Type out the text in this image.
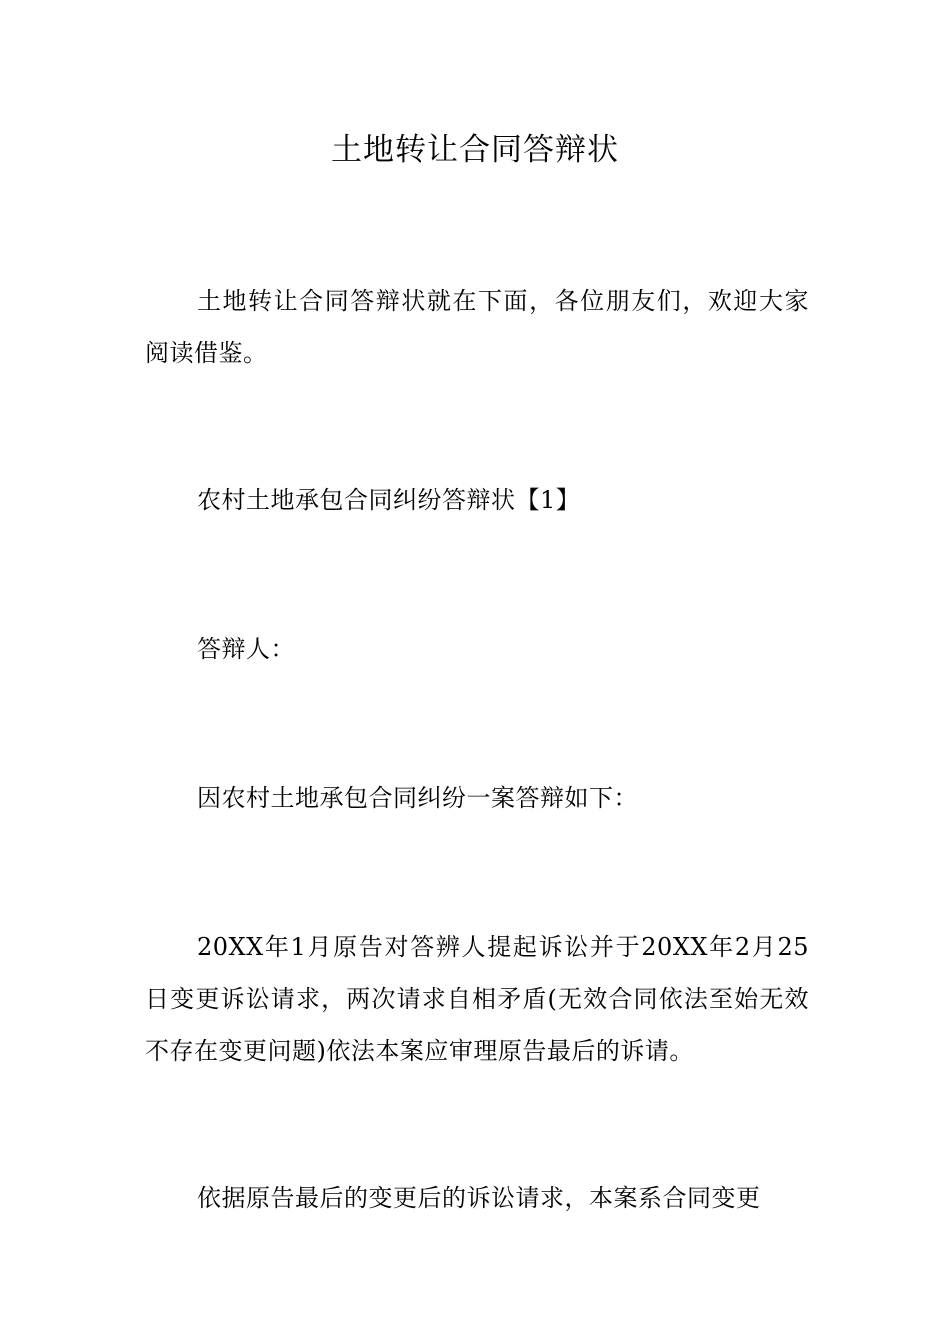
土地转让合同答辩状

土地转让合同答辩状就在下面，各位朋友们，欢迎大家阅读借鉴。

农村土地承包合同纠纷答辩状【1】

答辩人：

因农村土地承包合同纠纷一案答辩如下：

20XX年1月原告对答辨人提起诉讼并于20XX年2月25日变更诉讼请求，两次请求自相矛盾(无效合同依法至始无效不存在变更问题)依法本案应审理原告最后的诉请。

依据原告最后的变更后的诉讼请求，本案系合同变更
